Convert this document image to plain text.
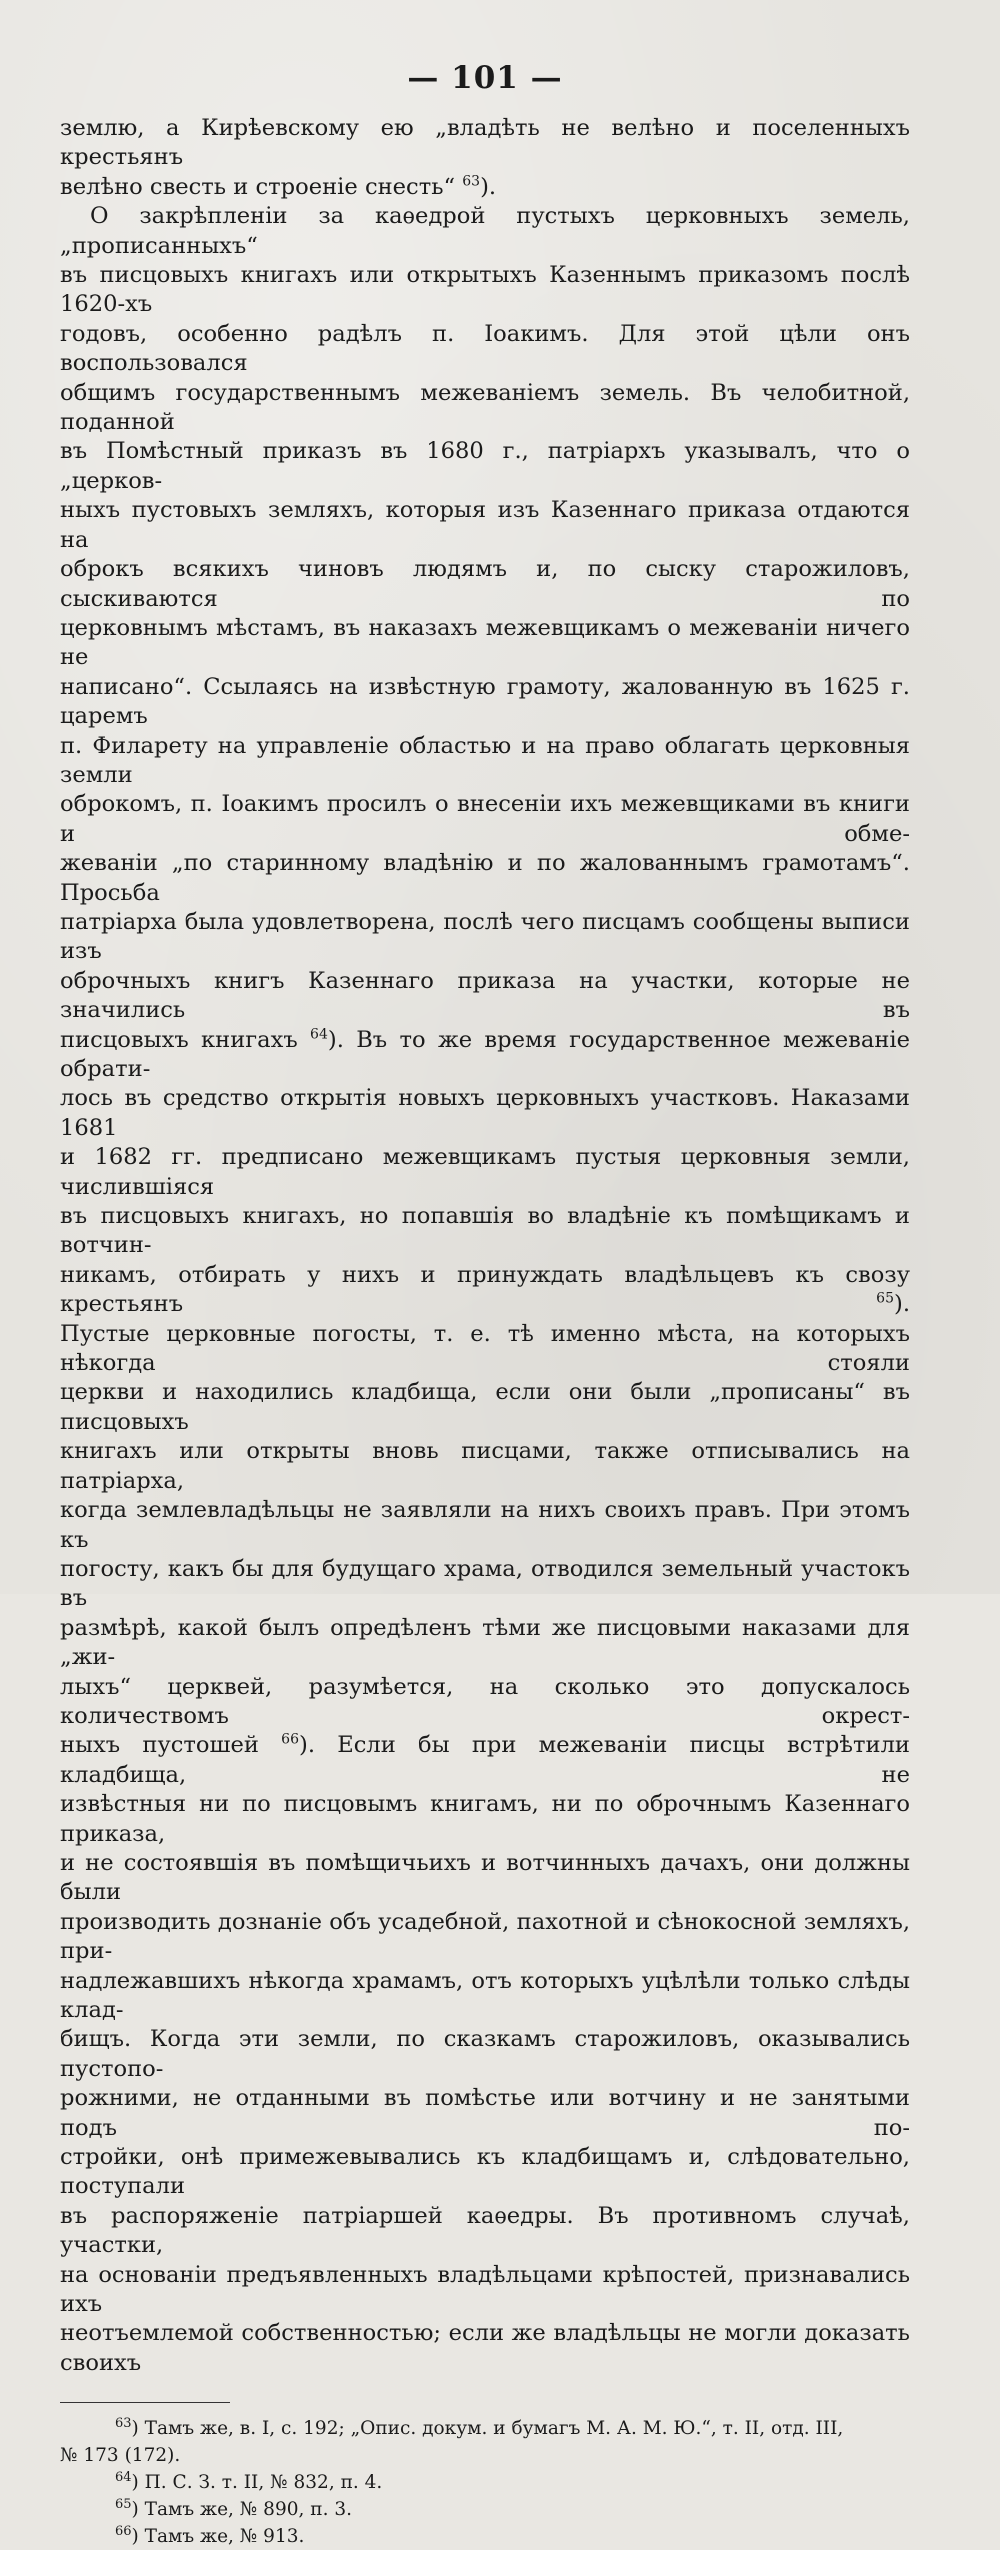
— 101 —

землю, а Кирѣевскому ею „владѣть не велѣно и поселенныхъ крестьянъ

велѣно свесть и строеніе снесть“ $^{63}$).

О закрѣпленіи за каѳедрой пустыхъ церковныхъ земель, „прописанныхъ“

въ писцовыхъ книгахъ или открытыхъ Казеннымъ приказомъ послѣ 1620-хъ

годовъ, особенно радѣлъ п. Іоакимъ. Для этой цѣли онъ воспользовался

общимъ государственнымъ межеваніемъ земель. Въ челобитной, поданной

въ Помѣстный приказъ въ 1680 г., патріархъ указывалъ, что о „церков-

ныхъ пустовыхъ земляхъ, которыя изъ Казеннаго приказа отдаются на

оброкъ всякихъ чиновъ людямъ и, по сыску старожиловъ, сыскиваются по

церковнымъ мѣстамъ, въ наказахъ межевщикамъ о межеваніи ничего не

написано“. Ссылаясь на извѣстную грамоту, жалованную въ 1625 г. царемъ

п. Филарету на управленіе областью и на право облагать церковныя земли

оброкомъ, п. Іоакимъ просилъ о внесеніи ихъ межевщиками въ книги и обме-

жеваніи „по старинному владѣнію и по жалованнымъ грамотамъ“. Просьба

патріарха была удовлетворена, послѣ чего писцамъ сообщены выписи изъ

оброчныхъ книгъ Казеннаго приказа на участки, которые не значились въ

писцовыхъ книгахъ $^{64}$). Въ то же время государственное межеваніе обрати-

лось въ средство открытія новыхъ церковныхъ участковъ. Наказами 1681

и 1682 гг. предписано межевщикамъ пустыя церковныя земли, числившіяся

въ писцовыхъ книгахъ, но попавшія во владѣніе къ помѣщикамъ и вотчин-

никамъ, отбирать у нихъ и принуждать владѣльцевъ къ свозу крестьянъ $^{65}$).

Пустые церковные погосты, т. е. тѣ именно мѣста, на которыхъ нѣкогда стояли

церкви и находились кладбища, если они были „прописаны“ въ писцовыхъ

книгахъ или открыты вновь писцами, также отписывались на патріарха,

когда землевладѣльцы не заявляли на нихъ своихъ правъ. При этомъ къ

погосту, какъ бы для будущаго храма, отводился земельный участокъ въ

размѣрѣ, какой былъ опредѣленъ тѣми же писцовыми наказами для „жи-

лыхъ“ церквей, разумѣется, на сколько это допускалось количествомъ окрест-

ныхъ пустошей $^{66}$). Если бы при межеваніи писцы встрѣтили кладбища, не

извѣстныя ни по писцовымъ книгамъ, ни по оброчнымъ Казеннаго приказа,

и не состоявшія въ помѣщичьихъ и вотчинныхъ дачахъ, они должны были

производить дознаніе объ усадебной, пахотной и сѣнокосной земляхъ, при-

надлежавшихъ нѣкогда храмамъ, отъ которыхъ уцѣлѣли только слѣды клад-

бищъ. Когда эти земли, по сказкамъ старожиловъ, оказывались пустопо-

рожними, не отданными въ помѣстье или вотчину и не занятыми подъ по-

стройки, онѣ примежевывались къ кладбищамъ и, слѣдовательно, поступали

въ распоряженіе патріаршей каѳедры. Въ противномъ случаѣ, участки,

на основаніи предъявленныхъ владѣльцами крѣпостей, признавались ихъ

неотъемлемой собственностью; если же владѣльцы не могли доказать своихъ

$^{63}$) Тамъ же, в. I, с. 192; „Опис. докум. и бумагъ М. А. М. Ю.“, т. II, отд. III,

№ 173 (172).

$^{64}$) П. С. З. т. II, № 832, п. 4.

$^{65}$) Тамъ же, № 890, п. 3.

$^{66}$) Тамъ же, № 913.
